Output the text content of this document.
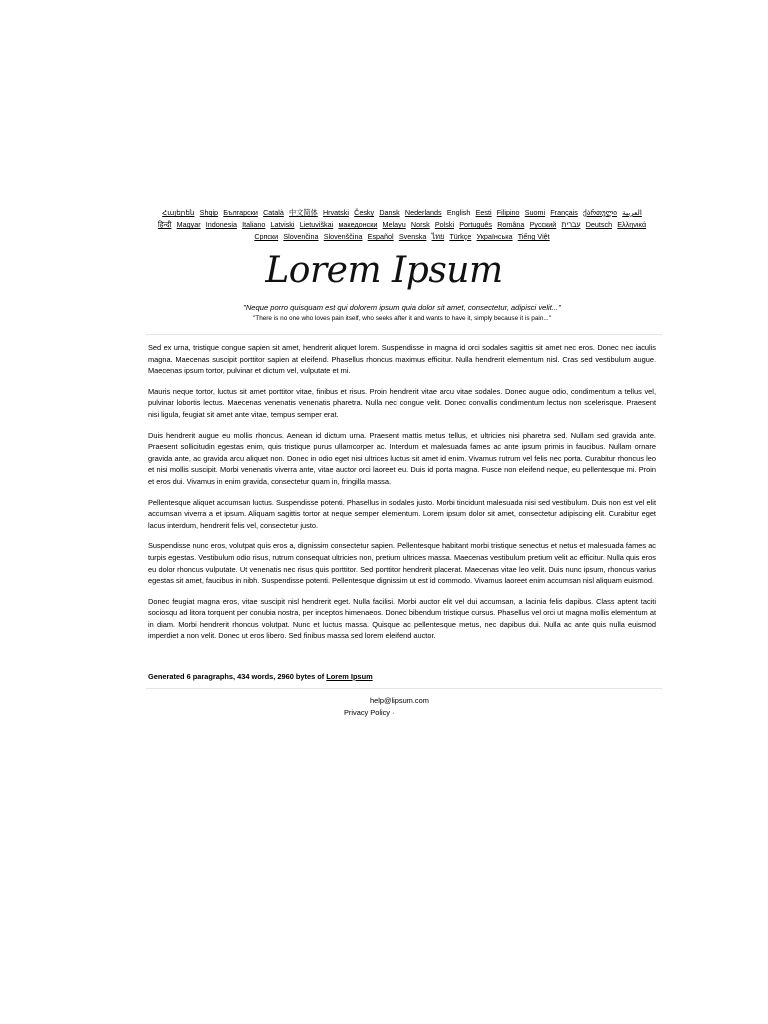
Հայերեն Shqip	‫العربية Български Català 中文简体 Hrvatski Česky Dansk Nederlands English Eesti Filipino Suomi Français ქართული Deutsch Ελληνικά ‫עברית हिन्दी Magyar Indonesia Italiano Latviski Lietuviškai македонски Melayu Norsk Polski Português Româna Pyccкий Српски Slovenčina Slovenščina Español Svenska ไทย Türkçe Українська Tiếng Việt
Lorem Ipsum
"Neque porro quisquam est qui dolorem ipsum quia dolor sit amet, consectetur, adipisci velit..."
"There is no one who loves pain itself, who seeks after it and wants to have it, simply because it is pain..."

Sed ex urna, tristique congue sapien sit amet, hendrerit aliquet lorem. Suspendisse in magna id orci sodales sagittis sit amet nec eros. Donec nec iaculis magna. Maecenas suscipit porttitor sapien at eleifend. Phasellus rhoncus maximus efficitur. Nulla hendrerit elementum nisl. Cras sed vestibulum augue. Maecenas ipsum tortor, pulvinar et dictum vel, vulputate et mi.

Mauris neque tortor, luctus sit amet porttitor vitae, finibus et risus. Proin hendrerit vitae arcu vitae sodales. Donec augue odio, condimentum a tellus vel, pulvinar lobortis lectus. Maecenas venenatis venenatis pharetra. Nulla nec congue velit. Donec convallis condimentum lectus non scelerisque. Praesent nisi ligula, feugiat sit amet ante vitae, tempus semper erat.

Duis hendrerit augue eu mollis rhoncus. Aenean id dictum urna. Praesent mattis metus tellus, et ultricies nisi pharetra sed. Nullam sed gravida ante. Praesent sollicitudin egestas enim, quis tristique purus ullamcorper ac. Interdum et malesuada fames ac ante ipsum primis in faucibus. Nullam ornare gravida ante, ac gravida arcu aliquet non. Donec in odio eget nisi ultrices luctus sit amet id enim. Vivamus rutrum vel felis nec porta. Curabitur rhoncus leo et nisi mollis suscipit. Morbi venenatis viverra ante, vitae auctor orci laoreet eu. Duis id porta magna. Fusce non eleifend neque, eu pellentesque mi. Proin et eros dui. Vivamus in enim gravida, consectetur quam in, fringilla massa.

Pellentesque aliquet accumsan luctus. Suspendisse potenti. Phasellus in sodales justo. Morbi tincidunt malesuada nisi sed vestibulum. Duis non est vel elit accumsan viverra a et ipsum. Aliquam sagittis tortor at neque semper elementum. Lorem ipsum dolor sit amet, consectetur adipiscing elit. Curabitur eget lacus interdum, hendrerit felis vel, consectetur justo.

Suspendisse nunc eros, volutpat quis eros a, dignissim consectetur sapien. Pellentesque habitant morbi tristique senectus et netus et malesuada fames ac turpis egestas. Vestibulum odio risus, rutrum consequat ultricies non, pretium ultrices massa. Maecenas vestibulum pretium velit ac efficitur. Nulla quis eros eu dolor rhoncus vulputate. Ut venenatis nec risus quis porttitor. Sed porttitor hendrerit placerat. Maecenas vitae leo velit. Duis nunc ipsum, rhoncus varius egestas sit amet, faucibus in nibh. Suspendisse potenti. Pellentesque dignissim ut est id commodo. Vivamus laoreet enim accumsan nisl aliquam euismod.

Donec feugiat magna eros, vitae suscipit nisl hendrerit eget. Nulla facilisi. Morbi auctor elit vel dui accumsan, a lacinia felis dapibus. Class aptent taciti sociosqu ad litora torquent per conubia nostra, per inceptos himenaeos. Donec bibendum tristique cursus. Phasellus vel orci ut magna mollis elementum at in diam. Morbi hendrerit rhoncus volutpat. Nunc et luctus massa. Quisque ac pellentesque metus, nec dapibus dui. Nulla ac ante quis nulla euismod imperdiet a non velit. Donec ut eros libero. Sed finibus massa sed lorem eleifend auctor.

Generated 6 paragraphs, 434 words, 2960 bytes of Lorem Ipsum
help@lipsum.com
Privacy Policy ·
